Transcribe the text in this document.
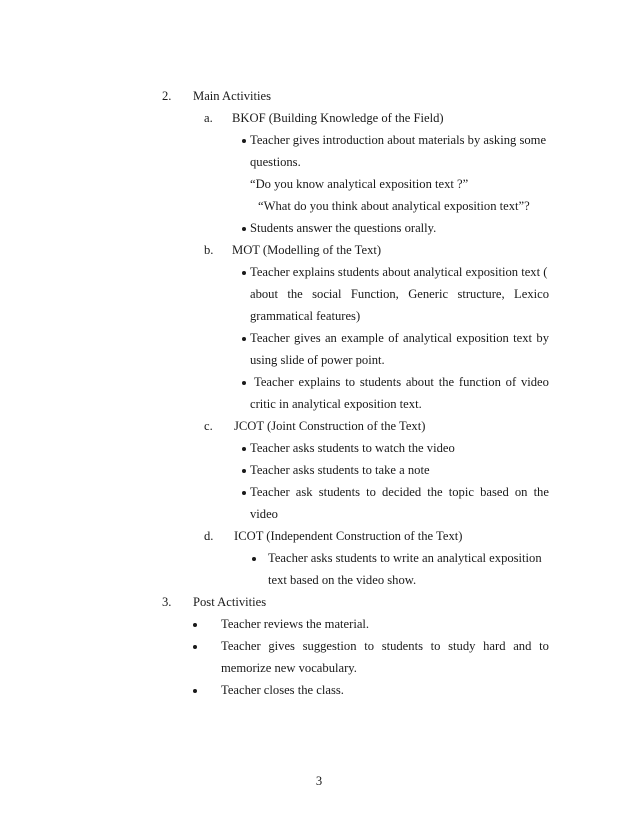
2. Main Activities
a. BKOF (Building Knowledge of the Field)
Teacher gives introduction about materials by asking some
questions.
“Do you know analytical exposition text ?”
“What do you think about analytical exposition text”?
Students answer the questions orally.
b. MOT (Modelling of the Text)
Teacher explains students about analytical exposition text (
about the social Function, Generic structure, Lexico
grammatical features)
Teacher gives an example of analytical exposition text by
using slide of power point.
Teacher explains to students about the function of video
critic in analytical exposition text.
c. JCOT (Joint Construction of the Text)
Teacher asks students to watch the video
Teacher asks students to take a note
Teacher ask students to decided the topic based on the
video
d. ICOT (Independent Construction of the Text)
Teacher asks students to write an analytical exposition
text based on the video show.
3. Post Activities
Teacher reviews the material.
Teacher gives suggestion to students to study hard and to
memorize new vocabulary.
Teacher closes the class.
3
